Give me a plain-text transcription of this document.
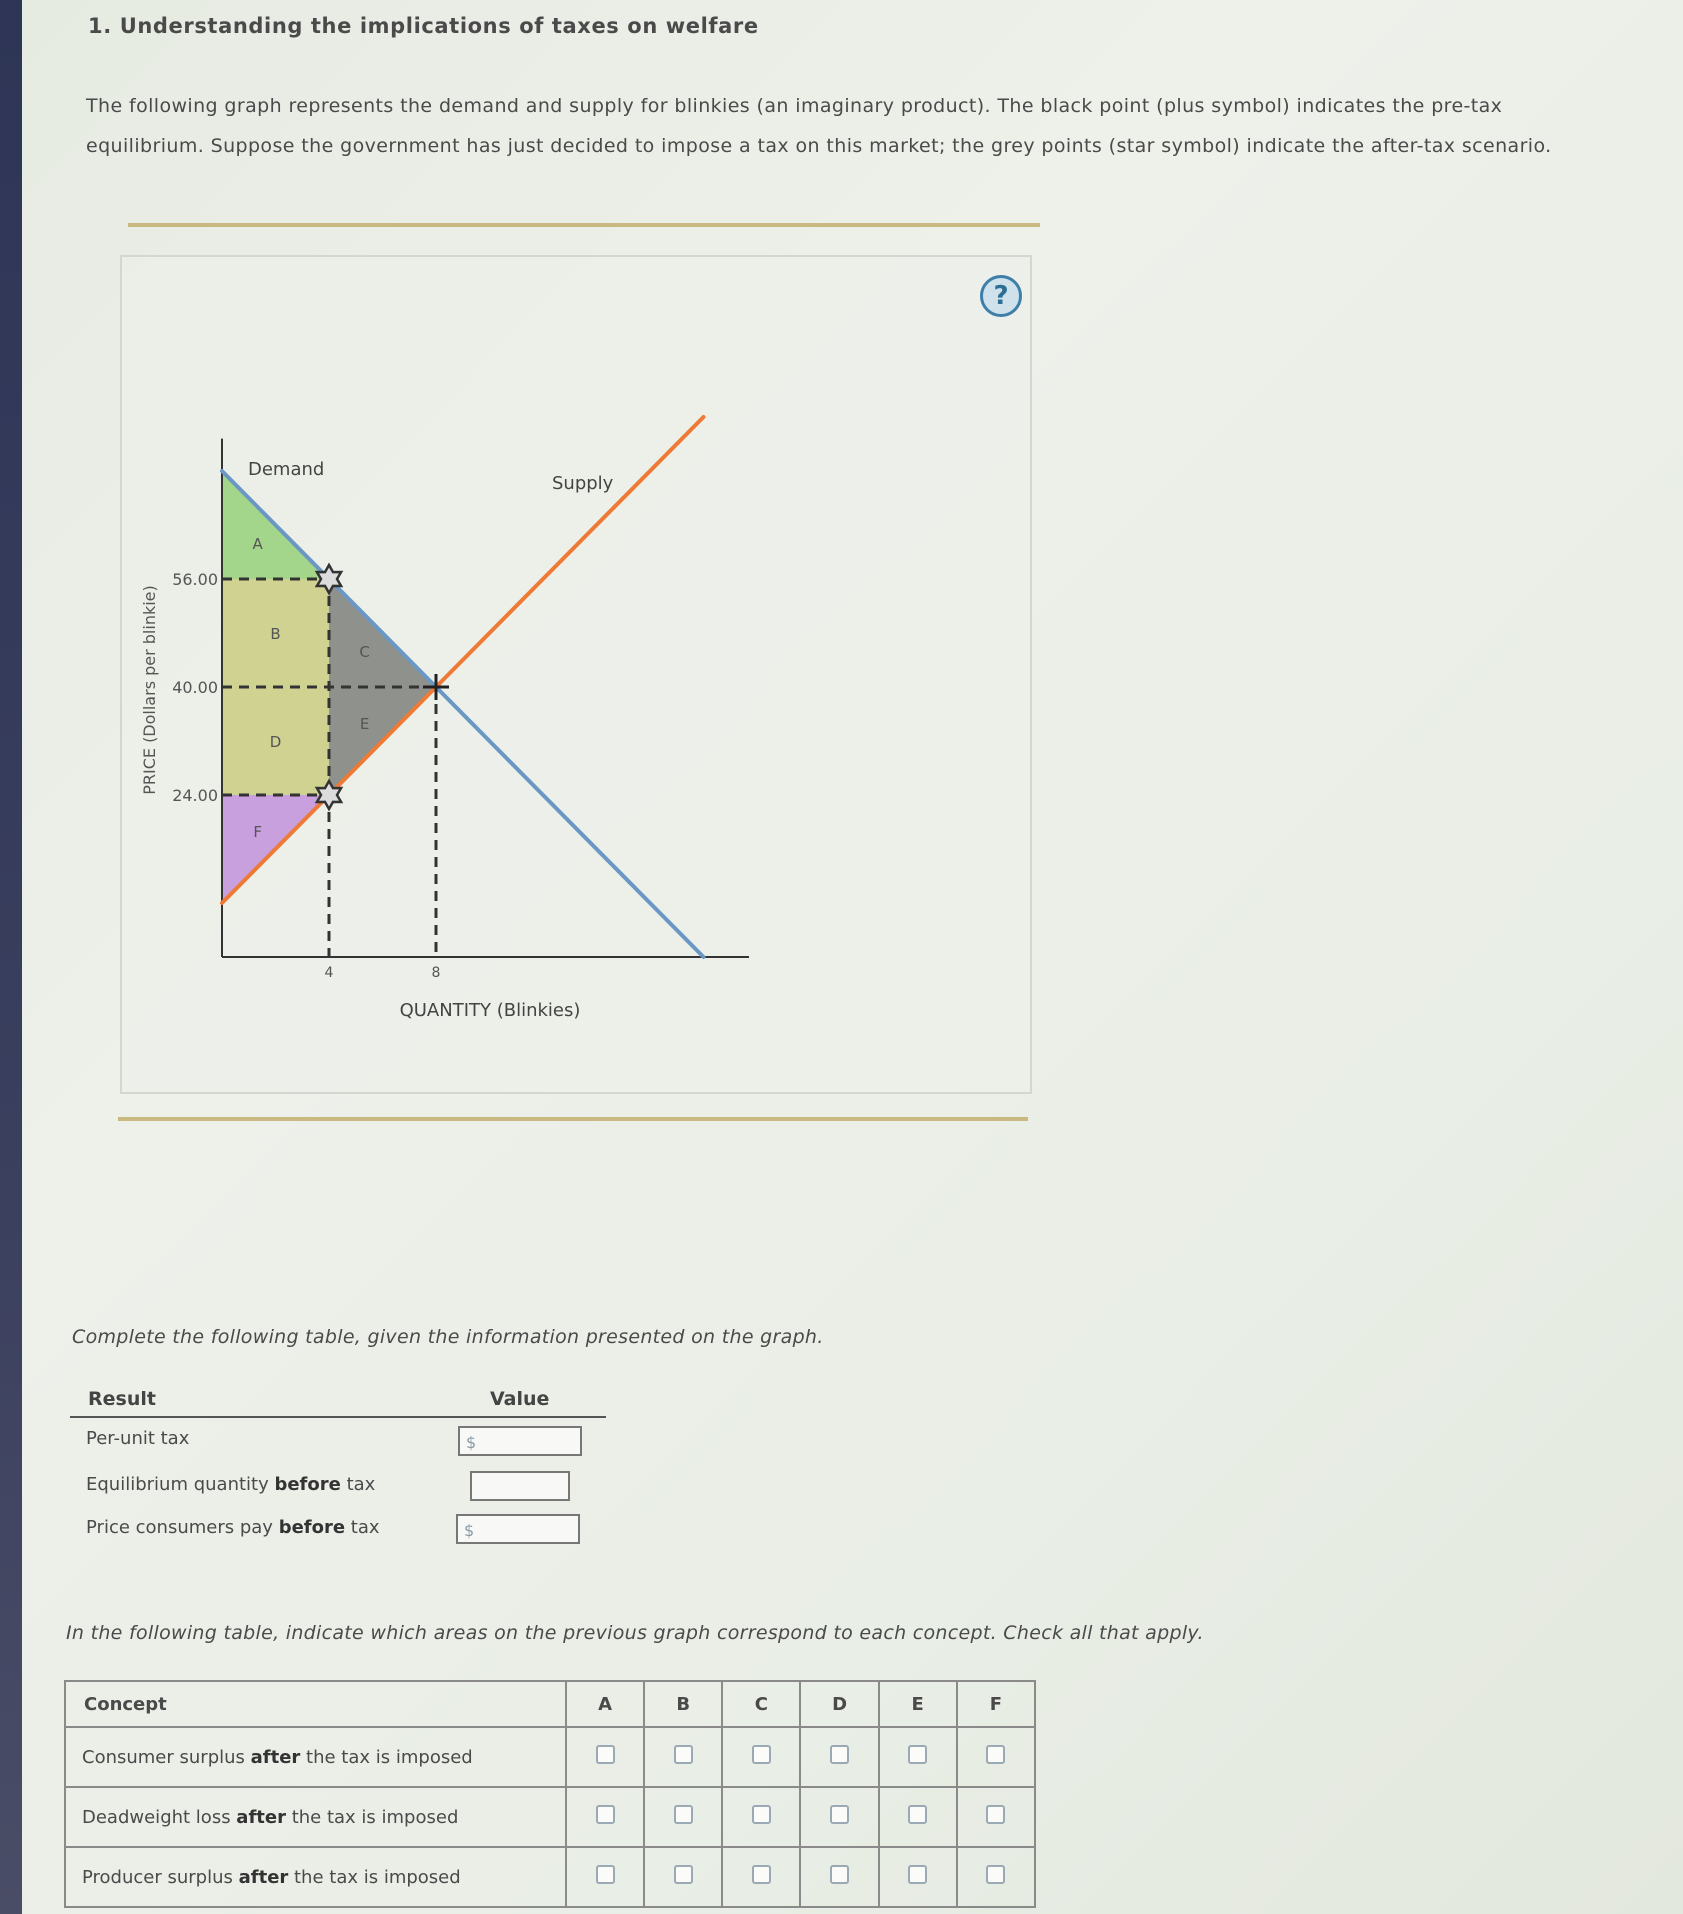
1. Understanding the implications of taxes on welfare
The following graph represents the demand and supply for blinkies (an imaginary product). The black point (plus symbol) indicates the pre-tax equilibrium. Suppose the government has just decided to impose a tax on this market; the grey points (star symbol) indicate the after-tax scenario.
?
24.00
40.00
56.00
4	8
QUANTITY (Blinkies)
PRICE (Dollars per blinkie)
A
B
C
D
E
F
Demand
Supply
Complete the following table, given the information presented on the graph.
Result	Value
Per-unit tax	$
Equilibrium quantity before tax
Price consumers pay before tax	$
In the following table, indicate which areas on the previous graph correspond to each concept. Check all that apply.
Concept	A	B	C	D	E	F
Consumer surplus after the tax is imposed						
Deadweight loss after the tax is imposed						
Producer surplus after the tax is imposed						
